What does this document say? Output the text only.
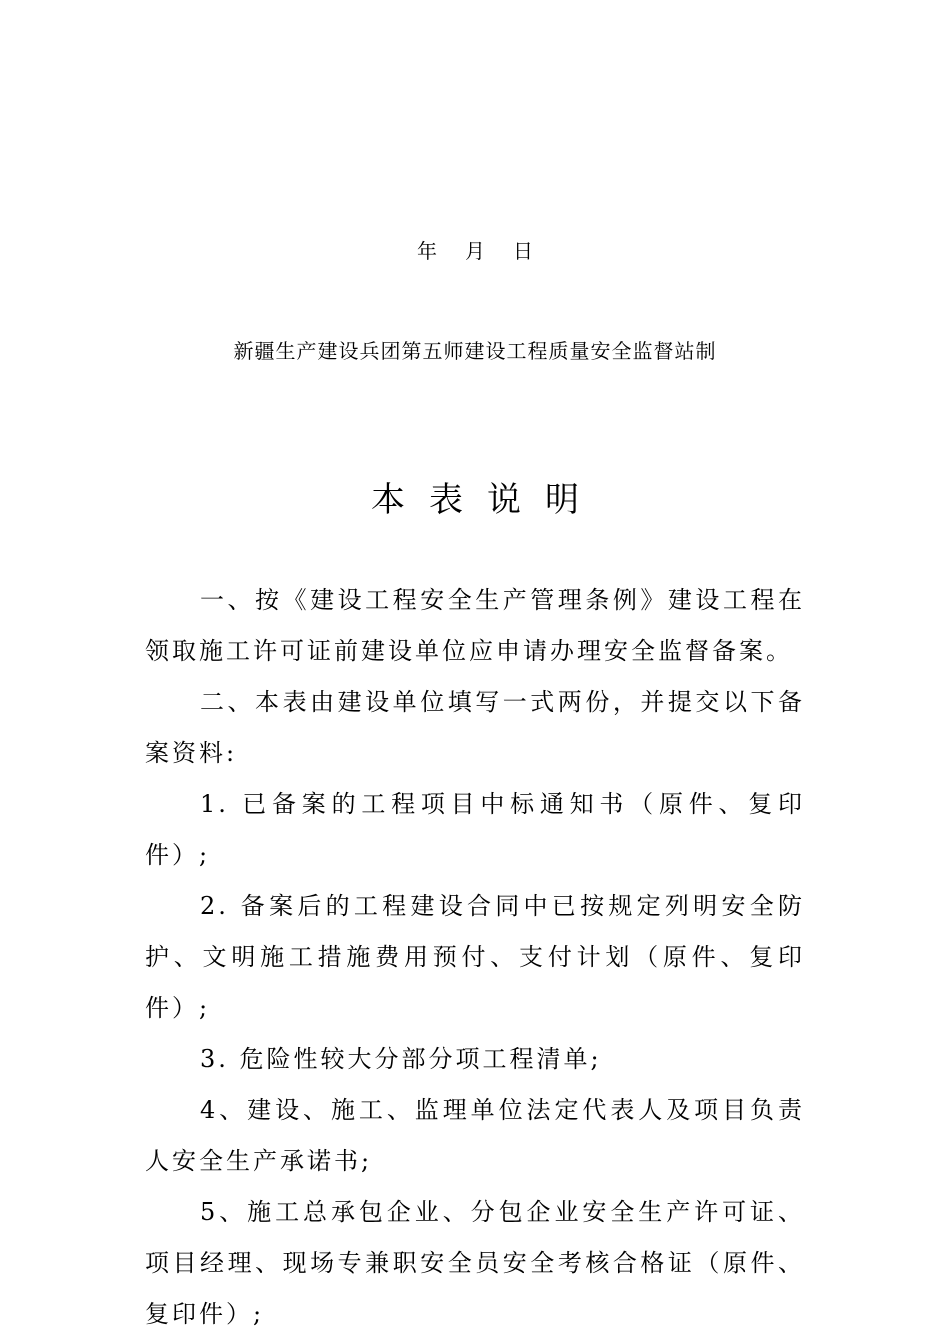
年 月 日
新疆生产建设兵团第五师建设工程质量安全监督站制
本表说明

一、按《建设工程安全生产管理条例》建设工程在领取施工许可证前建设单位应申请办理安全监督备案。

二、本表由建设单位填写一式两份，并提交以下备案资料:

1. 已备案的工程项目中标通知书（原件、复印件）;

2. 备案后的工程建设合同中已按规定列明安全防护、文明施工措施费用预付、支付计划（原件、复印件）;

3. 危险性较大分部分项工程清单;

4、建设、施工、监理单位法定代表人及项目负责人安全生产承诺书;

5、施工总承包企业、分包企业安全生产许可证、项目经理、现场专兼职安全员安全考核合格证（原件、复印件）;
